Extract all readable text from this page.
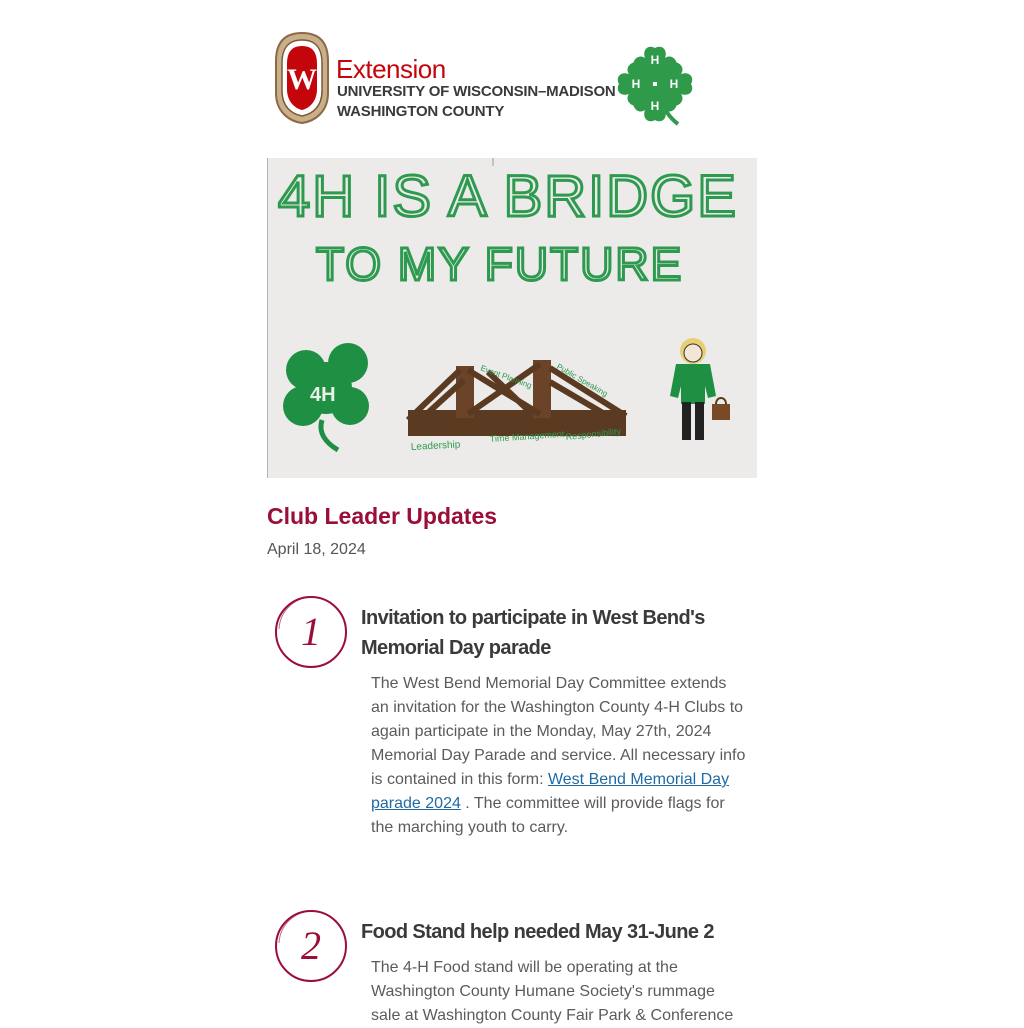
W Extension
UNIVERSITY OF WISCONSIN–MADISON
WASHINGTON COUNTY
H
H H
H
4H IS A BRIDGE
TO MY FUTURE
4H
Leadership
Time Management Responsibility
Event Planning	Public Speaking
Club Leader Updates
April 18, 2024
1 Invitation to participate in West Bend's Memorial Day parade

The West Bend Memorial Day Committee extends an invitation for the Washington County 4-H Clubs to again participate in the Monday, May 27th, 2024 Memorial Day Parade and service. All necessary info is contained in this form: West Bend Memorial Day parade 2024 . The committee will provide flags for the marching youth to carry.

2 Food Stand help needed May 31-June 2

The 4-H Food stand will be operating at the Washington County Humane Society's rummage sale at Washington County Fair Park & Conference
